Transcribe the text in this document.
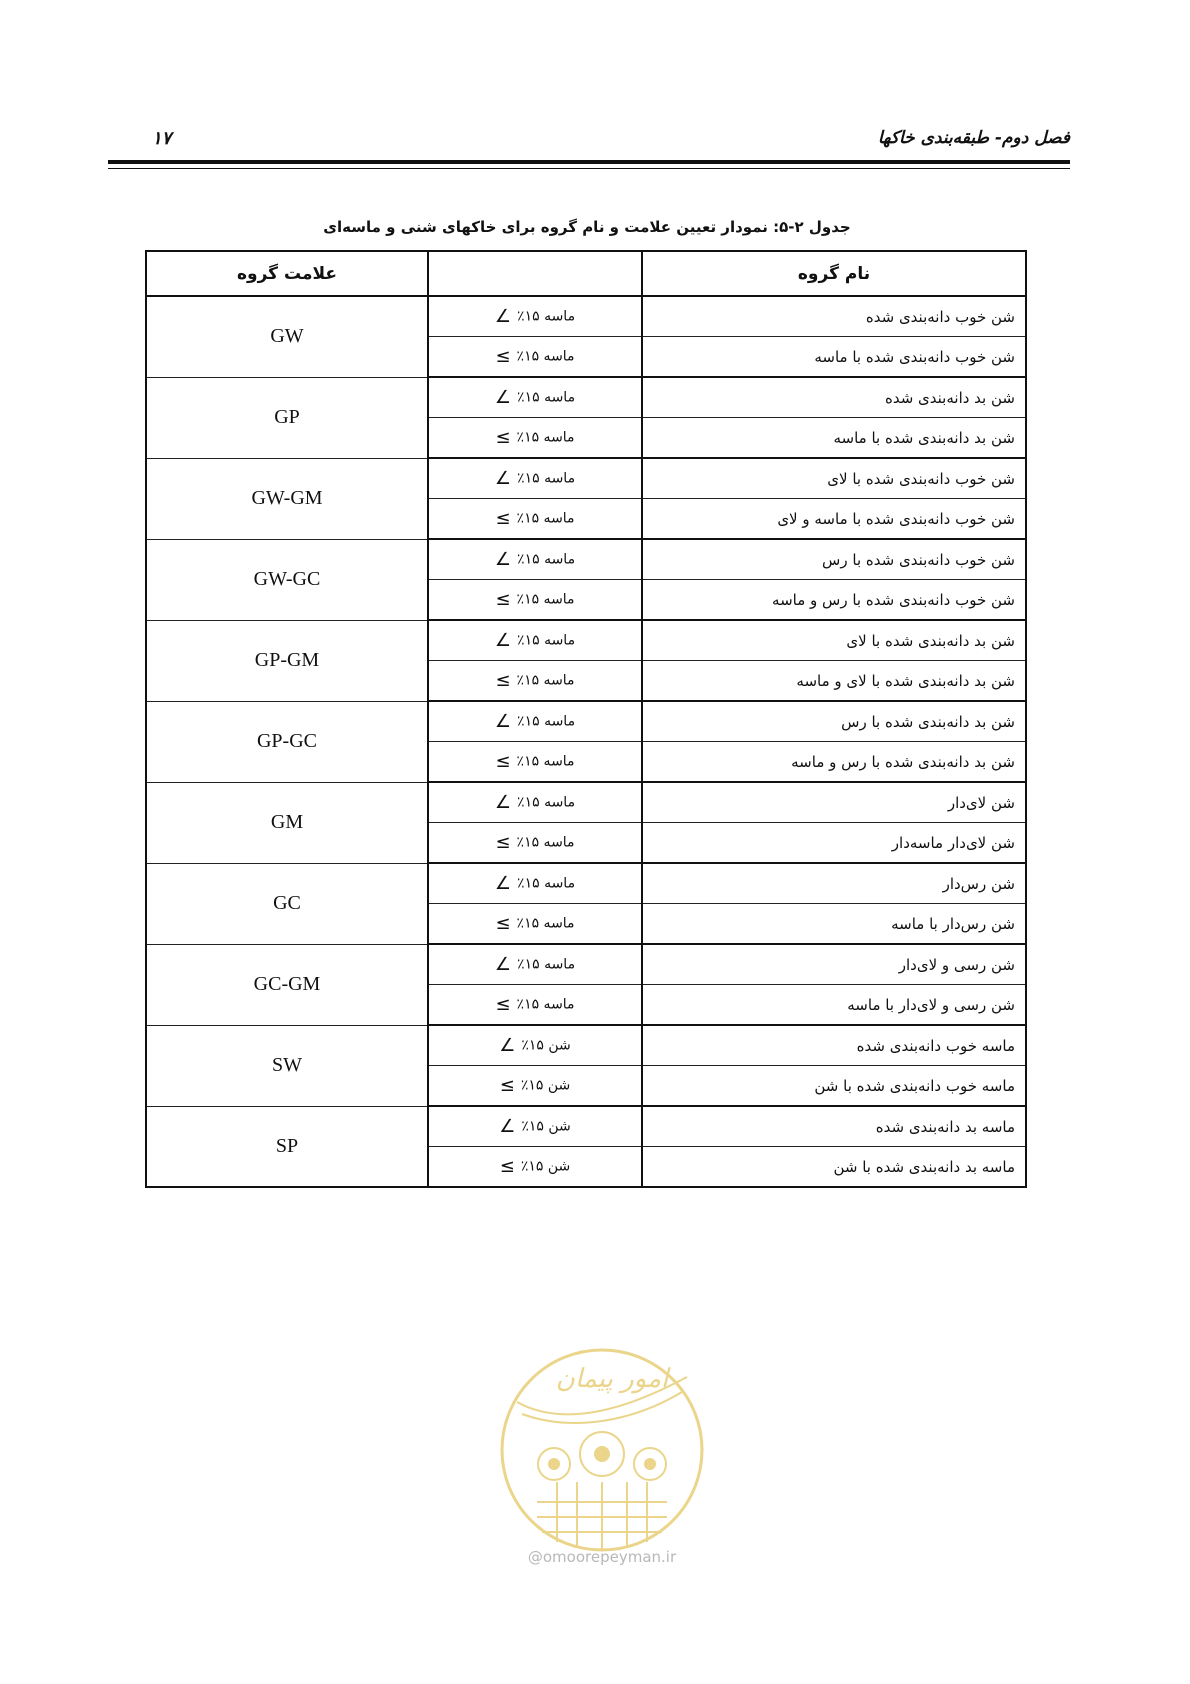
فصل دوم- طبقه‌بندی خاکها
۱۷
جدول ۲-۵: نمودار تعیین علامت و نام گروه برای خاکهای شنی و ماسه‌ای
علامت گروه		نام گروه
GW	ماسه ۱۵٪∠	شن خوب دانه‌بندی شده
	ماسه ۱۵٪≥	شن خوب دانه‌بندی شده با ماسه
GP	ماسه ۱۵٪∠	شن بد دانه‌بندی شده
	ماسه ۱۵٪≥	شن بد دانه‌بندی شده با ماسه
GW-GM	ماسه ۱۵٪∠	شن خوب دانه‌بندی شده با لای
	ماسه ۱۵٪≥	شن خوب دانه‌بندی شده با ماسه و لای
GW-GC	ماسه ۱۵٪∠	شن خوب دانه‌بندی شده با رس
	ماسه ۱۵٪≥	شن خوب دانه‌بندی شده با رس و ماسه
GP-GM	ماسه ۱۵٪∠	شن بد دانه‌بندی شده با لای
	ماسه ۱۵٪≥	شن بد دانه‌بندی شده با لای و ماسه
GP-GC	ماسه ۱۵٪∠	شن بد دانه‌بندی شده با رس
	ماسه ۱۵٪≥	شن بد دانه‌بندی شده با رس و ماسه
GM	ماسه ۱۵٪∠	شن لای‌دار
	ماسه ۱۵٪≥	شن لای‌دار ماسه‌دار
GC	ماسه ۱۵٪∠	شن رس‌دار
	ماسه ۱۵٪≥	شن رس‌دار با ماسه
GC-GM	ماسه ۱۵٪∠	شن رسی و لای‌دار
	ماسه ۱۵٪≥	شن رسی و لای‌دار با ماسه
SW	شن ۱۵٪∠	ماسه خوب دانه‌بندی شده
	شن ۱۵٪≥	ماسه خوب دانه‌بندی شده با شن
SP	شن ۱۵٪∠	ماسه بد دانه‌بندی شده
	شن ۱۵٪≥	ماسه بد دانه‌بندی شده با شن
امور پیمان
@omoorepeyman.ir
